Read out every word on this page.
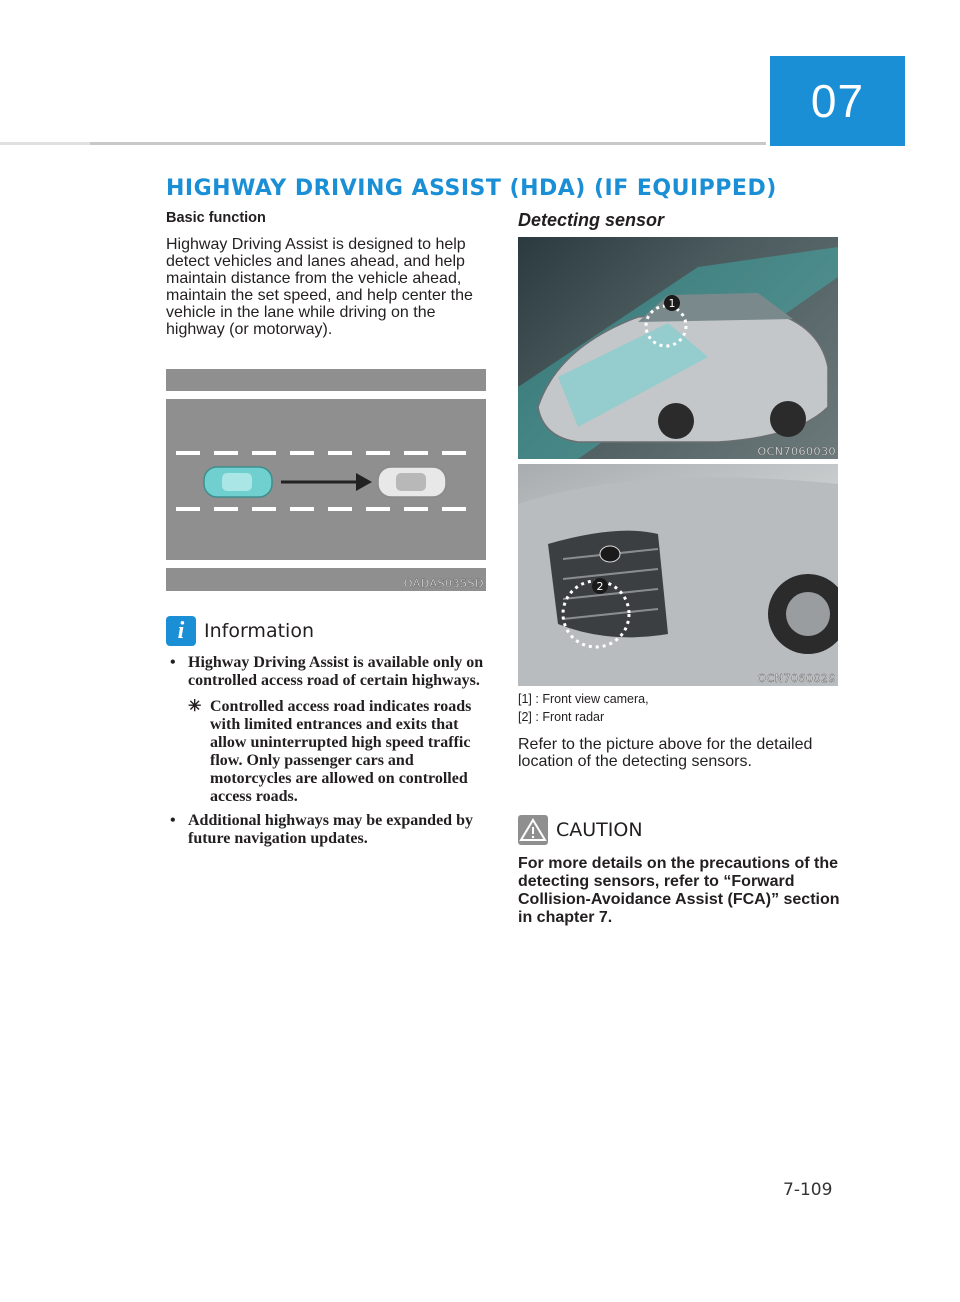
07
HIGHWAY DRIVING ASSIST (HDA) (IF EQUIPPED)
Basic function

Highway Driving Assist is designed to help detect vehicles and lanes ahead, and help maintain distance from the vehicle ahead, maintain the set speed, and help center the vehicle in the lane while driving on the highway (or motorway).

OADAS035SD
i	Information
• Highway Driving Assist is available only on controlled access road of certain highways.
✳ Controlled access road indicates roads with limited entrances and exits that allow uninterrupted high speed traffic flow. Only passenger cars and motorcycles are allowed on controlled access roads.
• Additional highways may be expanded by future navigation updates.
Detecting sensor
1
OCN7060030
2
OCN7060029
[1] : Front view camera,
[2] : Front radar

Refer to the picture above for the detailed location of the detecting sensors.

CAUTION

For more details on the precautions of the detecting sensors, refer to “Forward Collision-Avoidance Assist (FCA)” section in chapter 7.

7-109
